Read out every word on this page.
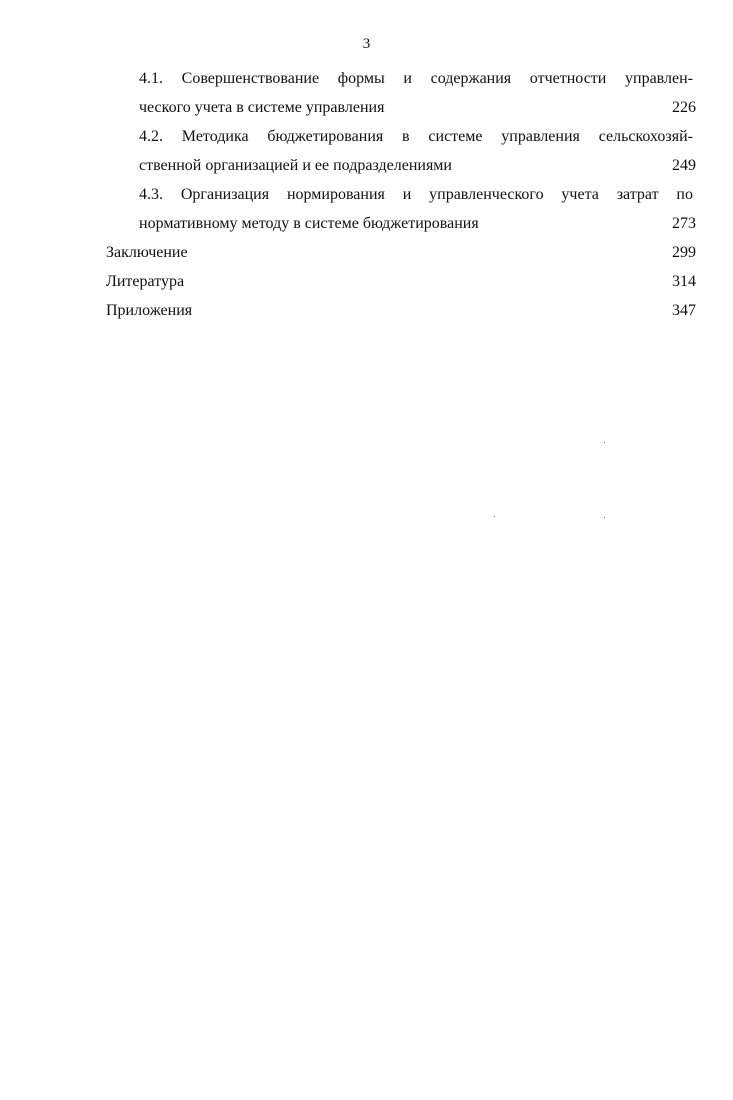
3
4.1. Совершенствование формы и содержания отчетности управлен-
ческого учета в системе управления	226
4.2. Методика бюджетирования в системе управления сельскохозяй-
ственной организацией и ее подразделениями	249
4.3. Организация нормирования и управленческого учета затрат по
нормативному методу в системе бюджетирования	273
Заключение	299
Литература	314
Приложения	347
